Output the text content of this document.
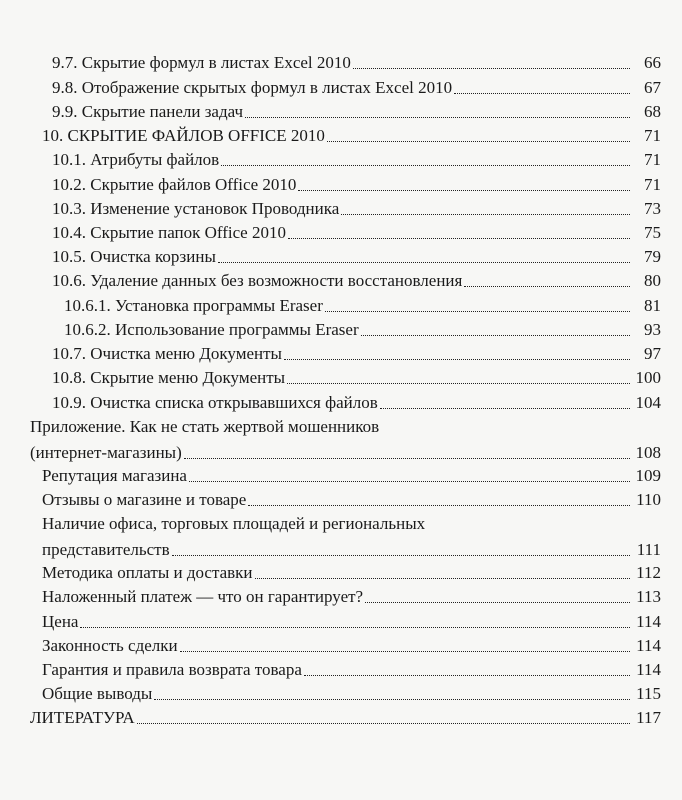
9.7. Скрытие формул в листах Excel 2010	66
9.8. Отображение скрытых формул в листах Excel 2010	67
9.9. Скрытие панели задач	68
10. СКРЫТИЕ ФАЙЛОВ OFFICE 2010	71
10.1. Атрибуты файлов	71
10.2. Скрытие файлов Office 2010	71
10.3. Изменение установок Проводника	73
10.4. Скрытие папок Office 2010	75
10.5. Очистка корзины	79
10.6. Удаление данных без возможности восстановления	80
10.6.1. Установка программы Eraser	81
10.6.2. Использование программы Eraser	93
10.7. Очистка меню Документы	97
10.8. Скрытие меню Документы	100
10.9. Очистка списка открывавшихся файлов	104
Приложение. Как не стать жертвой мошенников
(интернет-магазины)	108
Репутация магазина	109
Отзывы о магазине и товаре	110
Наличие офиса, торговых площадей и региональных
представительств	111
Методика оплаты и доставки	112
Наложенный платеж — что он гарантирует?	113
Цена	114
Законность сделки	114
Гарантия и правила возврата товара	114
Общие выводы	115
ЛИТЕРАТУРА	117
